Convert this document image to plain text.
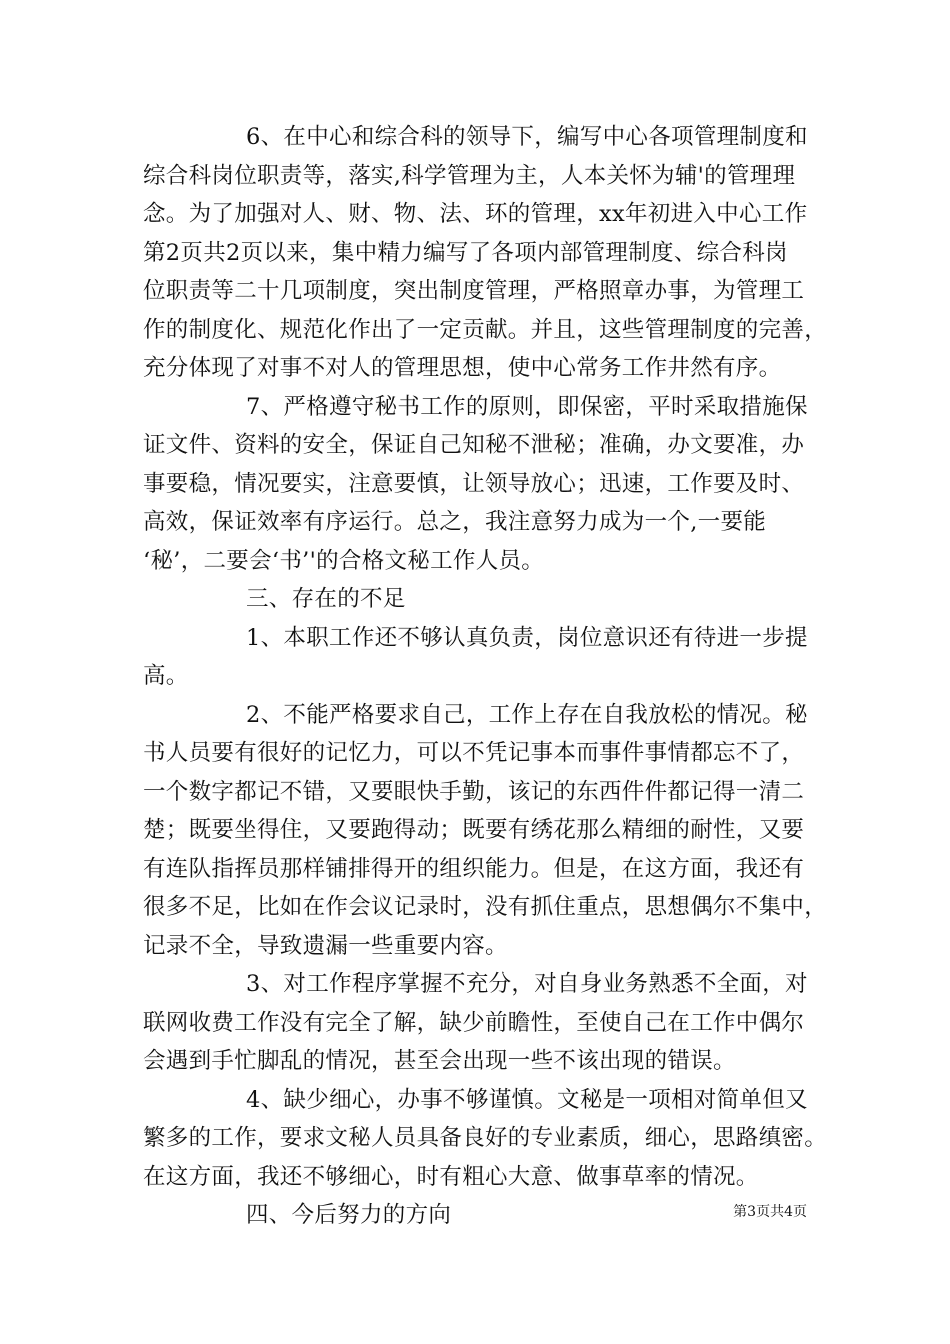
6、在中心和综合科的领导下，编写中心各项管理制度和
综合科岗位职责等，落实,科学管理为主，人本关怀为辅'的管理理
念。为了加强对人、财、物、法、环的管理，xx年初进入中心工作
第2页共2页以来，集中精力编写了各项内部管理制度、综合科岗
位职责等二十几项制度，突出制度管理，严格照章办事，为管理工
作的制度化、规范化作出了一定贡献。并且，这些管理制度的完善，
充分体现了对事不对人的管理思想，使中心常务工作井然有序。
7、严格遵守秘书工作的原则，即保密，平时采取措施保
证文件、资料的安全，保证自己知秘不泄秘；准确，办文要准，办
事要稳，情况要实，注意要慎，让领导放心；迅速，工作要及时、
高效，保证效率有序运行。总之，我注意努力成为一个,一要能
‘秘’，二要会‘书’'的合格文秘工作人员。
三、存在的不足
1、本职工作还不够认真负责，岗位意识还有待进一步提
高。
2、不能严格要求自己，工作上存在自我放松的情况。秘
书人员要有很好的记忆力，可以不凭记事本而事件事情都忘不了，
一个数字都记不错，又要眼快手勤，该记的东西件件都记得一清二
楚；既要坐得住，又要跑得动；既要有绣花那么精细的耐性，又要
有连队指挥员那样铺排得开的组织能力。但是，在这方面，我还有
很多不足，比如在作会议记录时，没有抓住重点，思想偶尔不集中，
记录不全，导致遗漏一些重要内容。
3、对工作程序掌握不充分，对自身业务熟悉不全面，对
联网收费工作没有完全了解，缺少前瞻性，至使自己在工作中偶尔
会遇到手忙脚乱的情况，甚至会出现一些不该出现的错误。
4、缺少细心，办事不够谨慎。文秘是一项相对简单但又
繁多的工作，要求文秘人员具备良好的专业素质，细心，思路缜密。
在这方面，我还不够细心，时有粗心大意、做事草率的情况。
四、今后努力的方向	第3页共4页
